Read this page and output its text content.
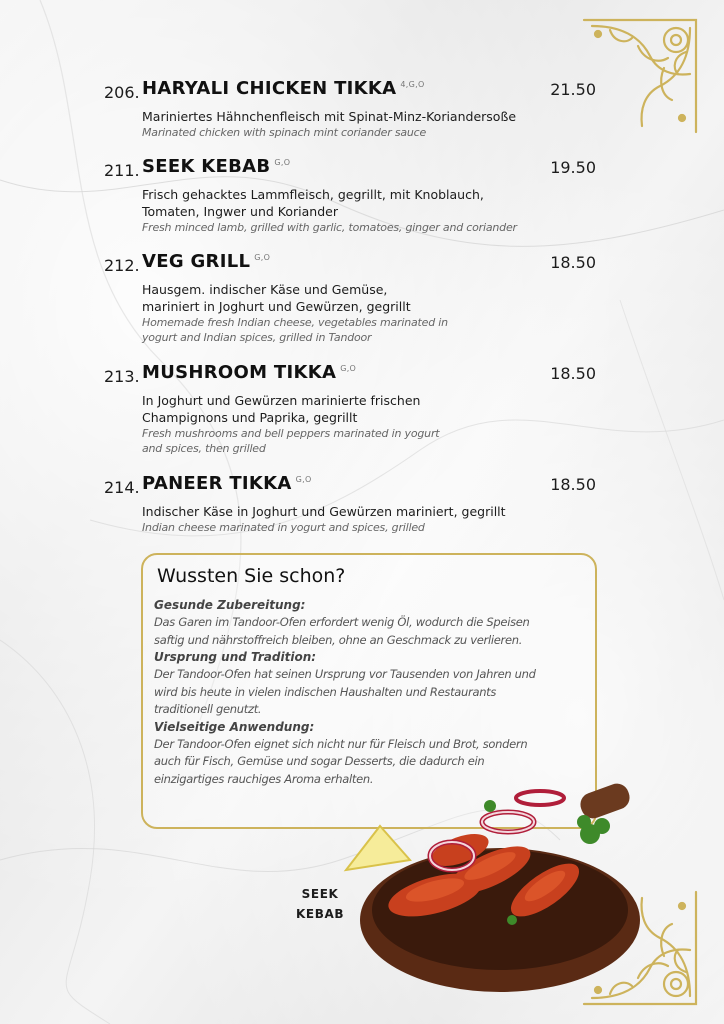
206. HARYALI CHICKEN TIKKA $^{4,G,O}$	21.50
Mariniertes Hähnchenfleisch mit Spinat-Minz-Koriandersoße
Marinated chicken with spinach mint coriander sauce
211. SEEK KEBAB $^{G,O}$	19.50
Frisch gehacktes Lammfleisch, gegrillt, mit Knoblauch, Tomaten, Ingwer und Koriander
Fresh minced lamb, grilled with garlic, tomatoes, ginger and coriander
212. VEG GRILL $^{G,O}$	18.50
Hausgem. indischer Käse und Gemüse, mariniert in Joghurt und Gewürzen, gegrillt
Homemade fresh Indian cheese, vegetables marinated in yogurt and Indian spices, grilled in Tandoor
213. MUSHROOM TIKKA $^{G,O}$	18.50
In Joghurt und Gewürzen marinierte frischen Champignons und Paprika, gegrillt
Fresh mushrooms and bell peppers marinated in yogurt and spices, then grilled
214. PANEER TIKKA $^{G,O}$	18.50
Indischer Käse in Joghurt und Gewürzen mariniert, gegrillt
Indian cheese marinated in yogurt and spices, grilled
Wussten Sie schon?
Gesunde Zubereitung:
Das Garen im Tandoor-Ofen erfordert wenig Öl, wodurch die Speisen saftig und nährstoffreich bleiben, ohne an Geschmack zu verlieren.
Ursprung und Tradition:
Der Tandoor-Ofen hat seinen Ursprung vor Tausenden von Jahren und wird bis heute in vielen indischen Haushalten und Restaurants traditionell genutzt.
Vielseitige Anwendung:
Der Tandoor-Ofen eignet sich nicht nur für Fleisch und Brot, sondern auch für Fisch, Gemüse und sogar Desserts, die dadurch ein einzigartiges rauchiges Aroma erhalten.
SEEK
KEBAB
